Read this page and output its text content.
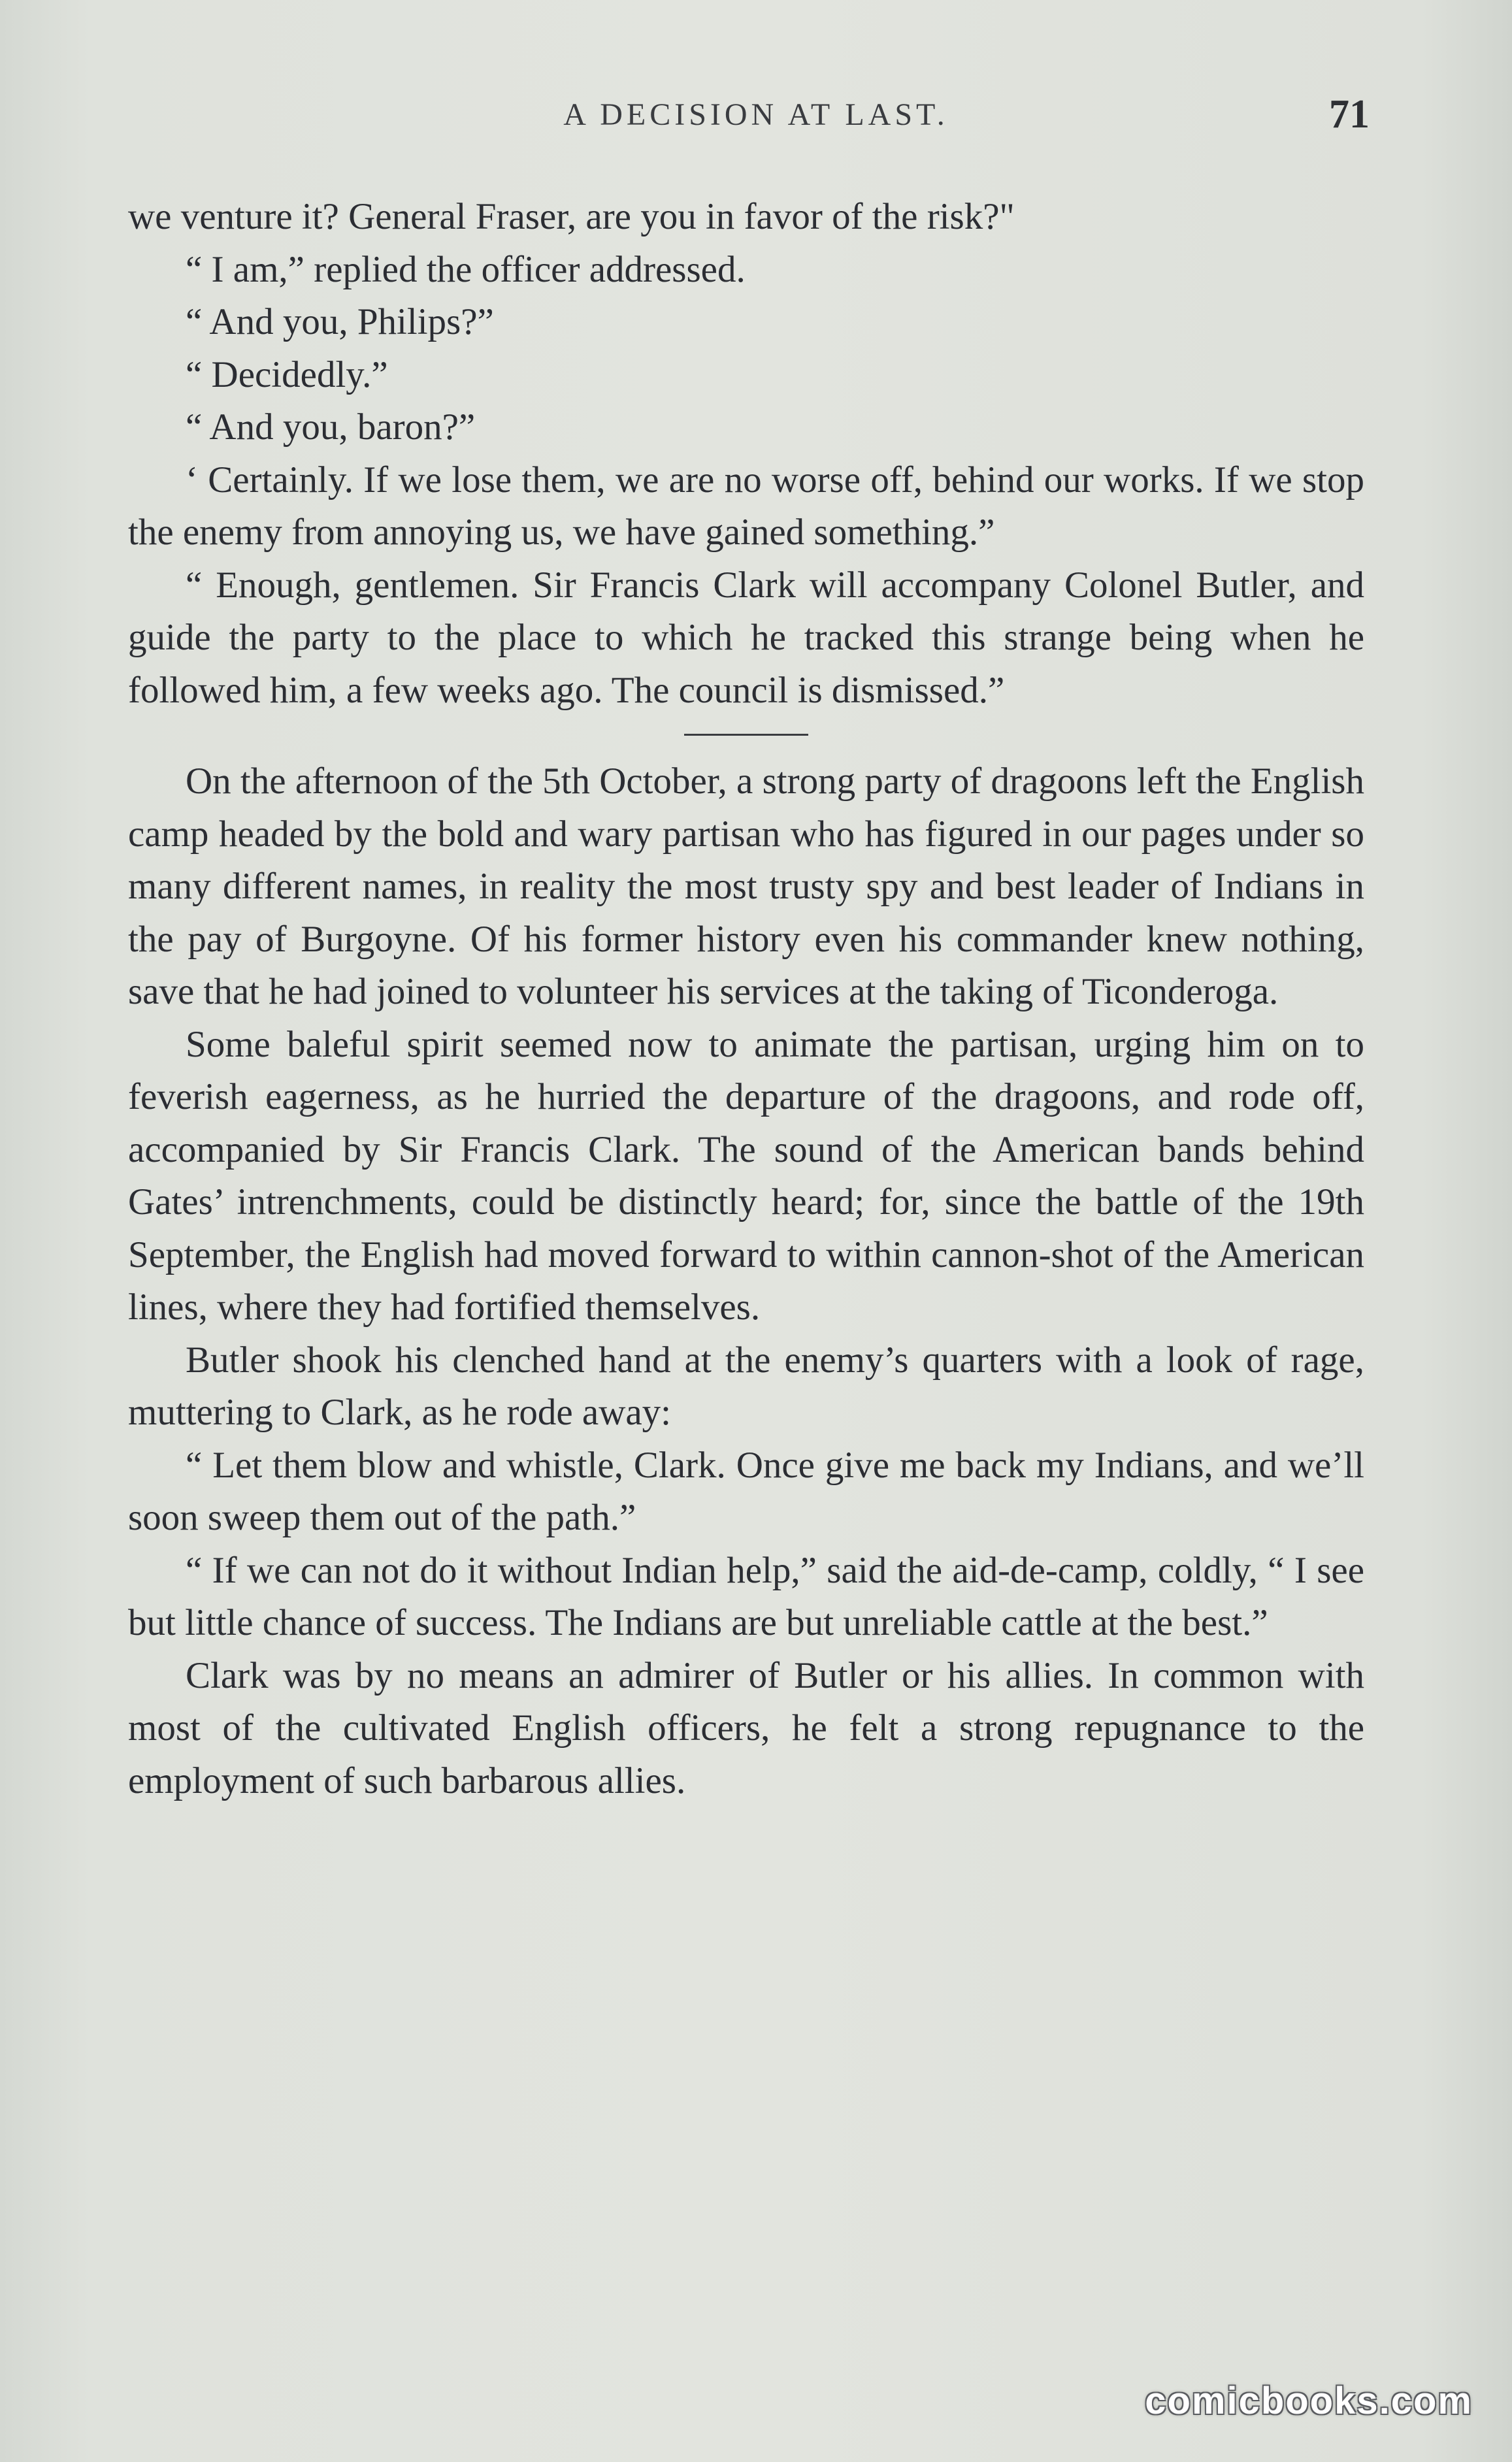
A DECISION AT LAST.	71

we venture it? General Fraser, are you in favor of the risk?"

“ I am,” replied the officer addressed.

“ And you, Philips?”

“ Decidedly.”

“ And you, baron?”

‘ Certainly. If we lose them, we are no worse off, behind our works. If we stop the enemy from annoying us, we have gained something.”

“ Enough, gentlemen. Sir Francis Clark will accompany Colonel Butler, and guide the party to the place to which he tracked this strange being when he followed him, a few weeks ago. The council is dismissed.”

On the afternoon of the 5th October, a strong party of dragoons left the English camp headed by the bold and wary partisan who has figured in our pages under so many different names, in reality the most trusty spy and best leader of Indians in the pay of Burgoyne. Of his former history even his commander knew nothing, save that he had joined to volunteer his services at the taking of Ticonderoga.

Some baleful spirit seemed now to animate the partisan, urging him on to feverish eagerness, as he hurried the departure of the dragoons, and rode off, accompanied by Sir Francis Clark. The sound of the American bands behind Gates’ intrenchments, could be distinctly heard; for, since the battle of the 19th September, the English had moved forward to within cannon-shot of the American lines, where they had fortified themselves.

Butler shook his clenched hand at the enemy’s quarters with a look of rage, muttering to Clark, as he rode away:

“ Let them blow and whistle, Clark. Once give me back my Indians, and we’ll soon sweep them out of the path.”

“ If we can not do it without Indian help,” said the aid-de-camp, coldly, “ I see but little chance of success. The Indians are but unreliable cattle at the best.”

Clark was by no means an admirer of Butler or his allies. In common with most of the cultivated English officers, he felt a strong repugnance to the employment of such barbarous allies.

comicbooks.com
